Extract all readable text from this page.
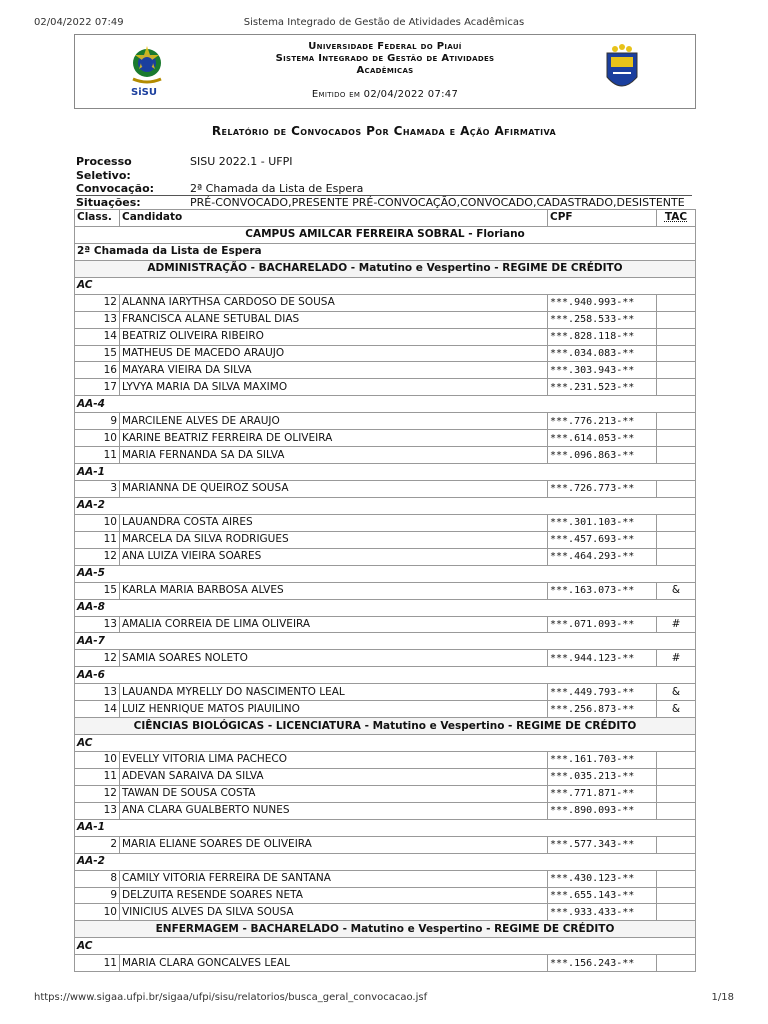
02/04/2022 07:49	Sistema Integrado de Gestão de Atividades Acadêmicas
SiSU
Universidade Federal do Piauí
Sistema Integrado de Gestão de Atividades
Acadêmicas
Emitido em 02/04/2022 07:47
Relatório de Convocados Por Chamada e Ação Afirmativa
Processo Seletivo:
SISU 2022.1 - UFPI
Convocação:	2ª Chamada da Lista de Espera
Situações:	PRÉ-CONVOCADO,PRESENTE PRÉ-CONVOCAÇÃO,CONVOCADO,CADASTRADO,DESISTENTE
Class.	Candidato	CPF	TAC
CAMPUS AMILCAR FERREIRA SOBRAL - Floriano			
2ª Chamada da Lista de Espera			
ADMINISTRAÇÃO - BACHARELADO - Matutino e Vespertino - REGIME DE CRÉDITO			
AC			
12	ALANNA IARYTHSA CARDOSO DE SOUSA	***.940.993-**	
13	FRANCISCA ALANE SETUBAL DIAS	***.258.533-**	
14	BEATRIZ OLIVEIRA RIBEIRO	***.828.118-**	
15	MATHEUS DE MACEDO ARAUJO	***.034.083-**	
16	MAYARA VIEIRA DA SILVA	***.303.943-**	
17	LYVYA MARIA DA SILVA MAXIMO	***.231.523-**	
AA-4			
9	MARCILENE ALVES DE ARAUJO	***.776.213-**	
10	KARINE BEATRIZ FERREIRA DE OLIVEIRA	***.614.053-**	
11	MARIA FERNANDA SA DA SILVA	***.096.863-**	
AA-1			
3	MARIANNA DE QUEIROZ SOUSA	***.726.773-**	
AA-2			
10	LAUANDRA COSTA AIRES	***.301.103-**	
11	MARCELA DA SILVA RODRIGUES	***.457.693-**	
12	ANA LUIZA VIEIRA SOARES	***.464.293-**	
AA-5			
15	KARLA MARIA BARBOSA ALVES	***.163.073-**	&
AA-8			
13	AMALIA CORREIA DE LIMA OLIVEIRA	***.071.093-**	#
AA-7			
12	SAMIA SOARES NOLETO	***.944.123-**	#
AA-6			
13	LAUANDA MYRELLY DO NASCIMENTO LEAL	***.449.793-**	&
14	LUIZ HENRIQUE MATOS PIAUILINO	***.256.873-**	&
CIÊNCIAS BIOLÓGICAS - LICENCIATURA - Matutino e Vespertino - REGIME DE CRÉDITO			
AC			
10	EVELLY VITORIA LIMA PACHECO	***.161.703-**	
11	ADEVAN SARAIVA DA SILVA	***.035.213-**	
12	TAWAN DE SOUSA COSTA	***.771.871-**	
13	ANA CLARA GUALBERTO NUNES	***.890.093-**	
AA-1			
2	MARIA ELIANE SOARES DE OLIVEIRA	***.577.343-**	
AA-2			
8	CAMILY VITORIA FERREIRA DE SANTANA	***.430.123-**	
9	DELZUITA RESENDE SOARES NETA	***.655.143-**	
10	VINICIUS ALVES DA SILVA SOUSA	***.933.433-**	
ENFERMAGEM - BACHARELADO - Matutino e Vespertino - REGIME DE CRÉDITO			
AC			
11	MARIA CLARA GONCALVES LEAL	***.156.243-**	
https://www.sigaa.ufpi.br/sigaa/ufpi/sisu/relatorios/busca_geral_convocacao.jsf	1/18
